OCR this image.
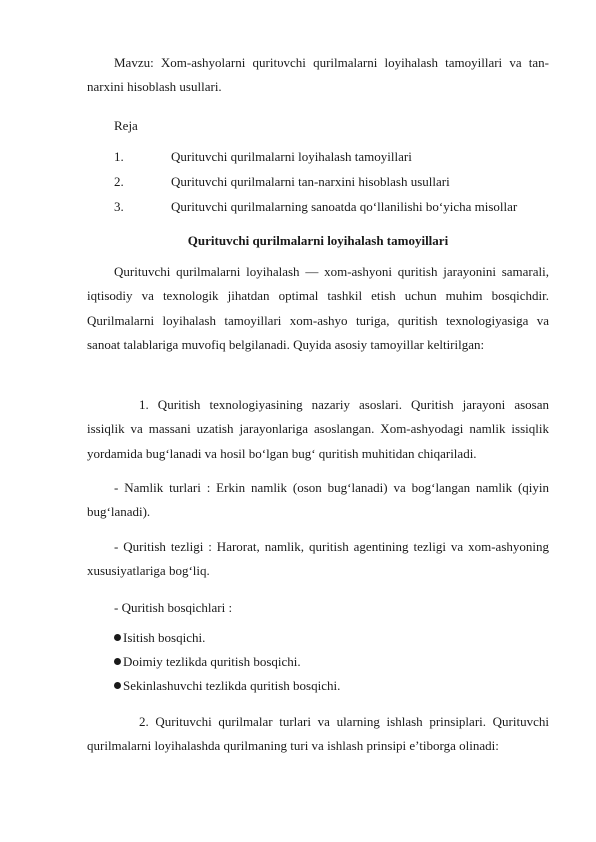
Mavzu: Xom-ashyolarni quritυvchi qurilmalarni loyihalash tamoyillari va tan-narxini hisoblash usullari.

Reja
1.	Qurituvchi qurilmalarni loyihalash tamoyillari
2.	Qurituvchi qurilmalarni tan-narxini hisoblash usullari
3.	Qurituvchi qurilmalarning sanoatda qo‘llanilishi bo‘yicha misollar
Qurituvchi qurilmalarni loyihalash tamoyillari

Qurituvchi qurilmalarni loyihalash — xom-ashyoni quritish jarayonini samarali, iqtisodiy va texnologik jihatdan optimal tashkil etish uchun muhim bosqichdir. Qurilmalarni loyihalash tamoyillari xom-ashyo turiga, quritish texnologiyasiga va sanoat talablariga muvofiq belgilanadi. Quyida asosiy tamoyillar keltirilgan:

1. Quritish texnologiyasining nazariy asoslari. Quritish jarayoni asosan issiqlik va massani uzatish jarayonlariga asoslangan. Xom-ashyodagi namlik issiqlik yordamida bug‘lanadi va hosil bo‘lgan bug‘ quritish muhitidan chiqariladi.

- Namlik turlari : Erkin namlik (oson bug‘lanadi) va bog‘langan namlik (qiyin bug‘lanadi).

- Quritish tezligi : Harorat, namlik, quritish agentining tezligi va xom-ashyoning xususiyatlariga bog‘liq.

- Quritish bosqichlari :
Isitish bosqichi.
Doimiy tezlikda quritish bosqichi.
Sekinlashuvchi tezlikda quritish bosqichi.

2. Qurituvchi qurilmalar turlari va ularning ishlash prinsiplari. Qurituvchi qurilmalarni loyihalashda qurilmaning turi va ishlash prinsipi e’tiborga olinadi:
